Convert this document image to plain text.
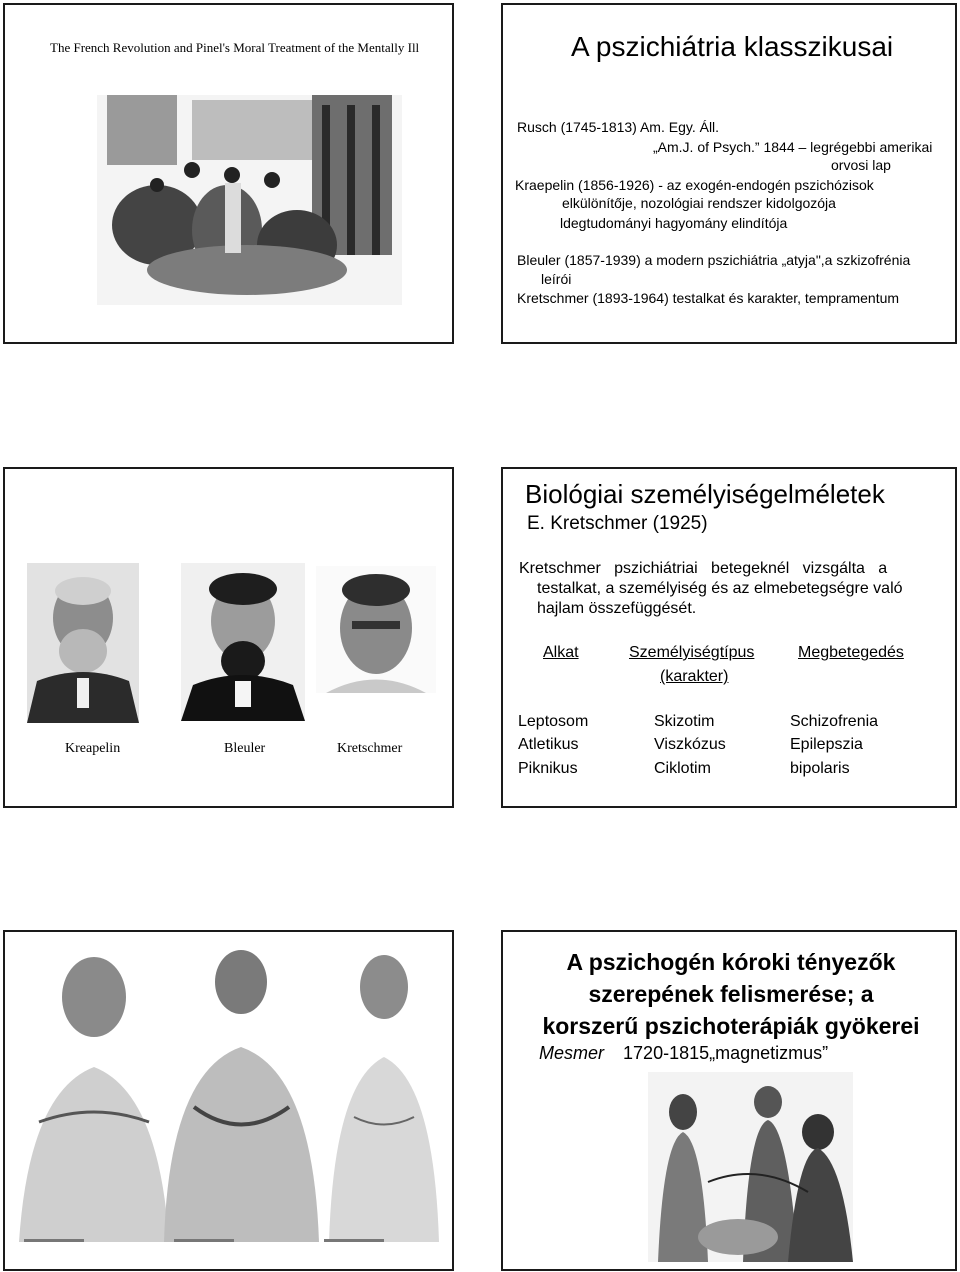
The French Revolution and Pinel's Moral Treatment of the Mentally Ill	A pszichiátria klasszikusai
Rusch (1745-1813) Am. Egy. Áll.
„Am.J. of Psych.” 1844 – legrégebbi amerikai
orvosi lap
Kraepelin (1856-1926) - az exogén-endogén pszichózisok
elkülönítője, nozológiai rendszer kidolgozója
ldegtudományi hagyomány elindítója
Bleuler (1857-1939) a modern pszichiátria „atyja",a szkizofrénia
leírói
Kretschmer (1893-1964) testalkat és karakter, tempramentum
Kreapelin	Bleuler	Kretschmer
Biológiai személyiségelméletek
E. Kretschmer (1925)
Kretschmer   pszichiátriai   betegeknél   vizsgálta   a
testalkat, a személyiség és az elmebetegségre való
hajlam összefüggését.
Alkat	Személyiségtípus	Megbetegedés
(karakter)
Leptosom	Skizotim	Schizofrenia
Atletikus	Viszkózus	Epilepszia
Piknikus	Ciklotim	bipolaris
A pszichogén kóroki tényezők
szerepének felismerése; a
korszerű pszichoterápiák gyökerei
Mesmer 1720-1815„magnetizmus”
